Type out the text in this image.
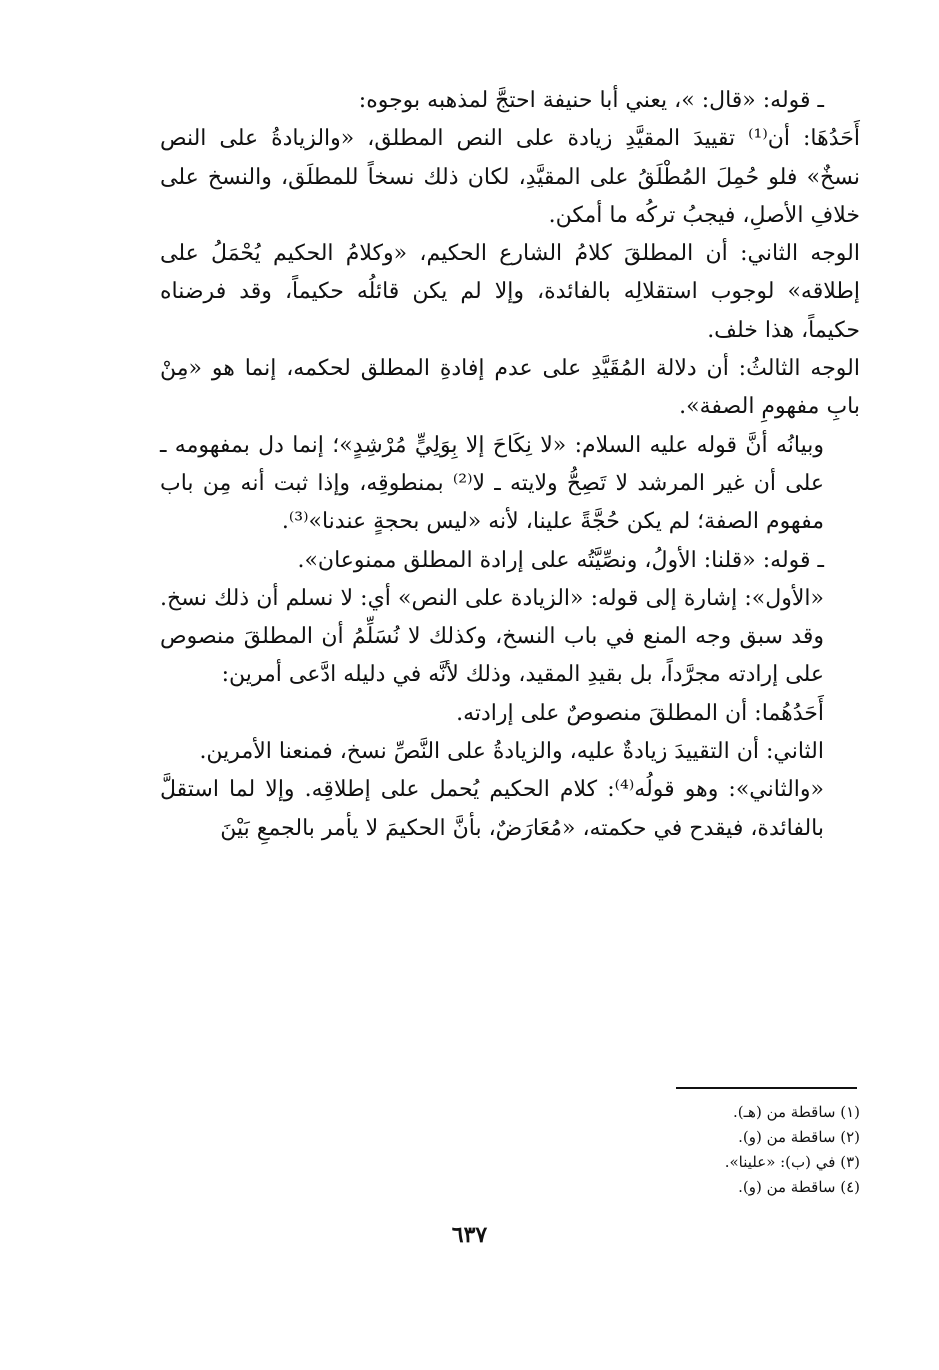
ـ قوله: «قال: »، يعني أبا حنيفة احتجَّ لمذهبه بوجوه:

أَحَدُهَا: أن⁽¹⁾ تقييدَ المقيَّدِ زيادة على النص المطلق، «والزيادةُ على النص نسخٌ» فلو حُمِلَ المُطْلَقُ على المقيَّدِ، لكان ذلك نسخاً للمطلَق، والنسخ على خلافِ الأصلِ، فيجبُ تركُه ما أمكن.

الوجه الثاني: أن المطلقَ كلامُ الشارع الحكيم، «وكلامُ الحكيم يُحْمَلُ على إطلاقه» لوجوب استقلالِه بالفائدة، وإلا لم يكن قائلُه حكيماً، وقد فرضناه حكيماً، هذا خلف.

الوجه الثالثُ: أن دلالة المُقَيَّدِ على عدم إفادةِ المطلق لحكمه، إنما هو «مِنْ بابِ مفهومِ الصفة».

وبيانُه أنَّ قوله عليه السلام: «لا نِكَاحَ إلا بِوَلِيٍّ مُرْشِدٍ»؛ إنما دل بمفهومه ـ على أن غير المرشد لا تَصِحُّ ولايته ـ لا⁽²⁾ بمنطوقِه، وإذا ثبت أنه مِن باب مفهوم الصفة؛ لم يكن حُجَّةً علينا، لأنه «ليس بحجةٍ عندنا»⁽³⁾.

ـ قوله: «قلنا: الأولُ، ونصِّيَّتُه على إرادة المطلق ممنوعان».

«الأول»: إشارة إلى قوله: «الزيادة على النص» أي: لا نسلم أن ذلك نسخ. وقد سبق وجه المنع في باب النسخ، وكذلك لا نُسَلِّمُ أن المطلقَ منصوص على إرادته مجرَّداً، بل بقيدِ المقيد، وذلك لأنَّه في دليله ادَّعى أمرين:

أَحَدُهُما: أن المطلقَ منصوصٌ على إرادته.

الثاني: أن التقييدَ زيادةٌ عليه، والزيادةُ على النَّصِّ نسخ، فمنعنا الأمرين.

«والثاني»: وهو قولُه⁽⁴⁾: كلام الحكيم يُحمل على إطلاقِه. وإلا لما استقلَّ بالفائدة، فيقدح في حكمته، «مُعَارَضٌ، بأنَّ الحكيمَ لا يأمر بالجمعِ بَيْنَ

(١) ساقطة من (هـ).
(٢) ساقطة من (و).
(٣) في (ب): «علينا».
(٤) ساقطة من (و).
٦٣٧
